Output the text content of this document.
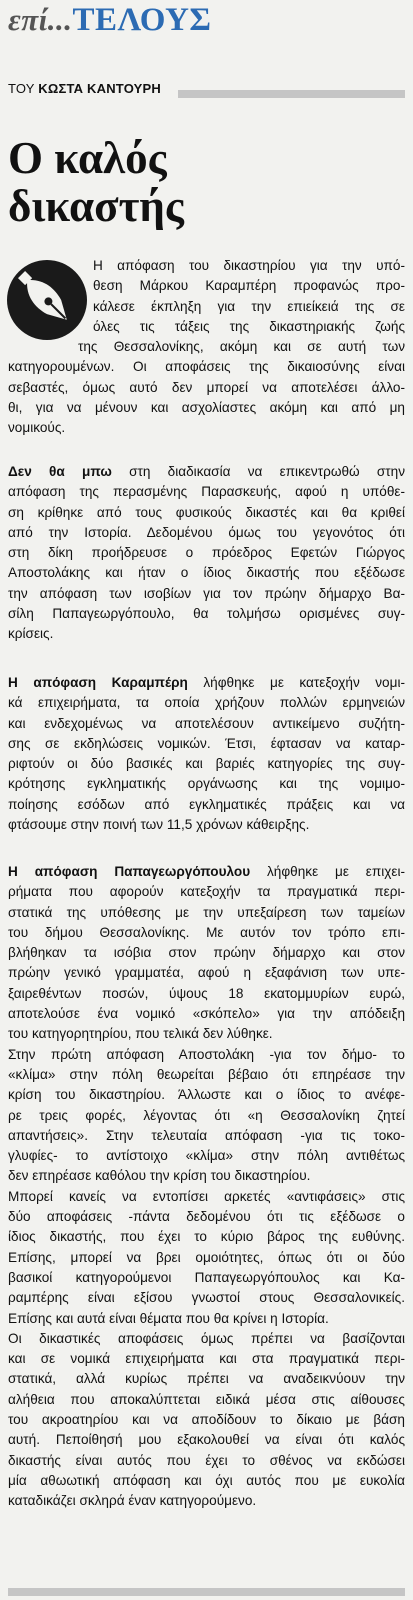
επί...ΤΕΛΟΥΣ
ΤΟΥ ΚΩΣΤΑ ΚΑΝΤΟΥΡΗ
Ο καλός
δικαστής
Η απόφαση του δικαστηρίου για την υπό-
θεση Μάρκου Καραμπέρη προφανώς προ-
κάλεσε έκπληξη για την επιείκειά της σε
όλες τις τάξεις της δικαστηριακής ζωής
της Θεσσαλονίκης, ακόμη και σε αυτή των
κατηγορουμένων. Οι αποφάσεις της δικαιοσύνης είναι
σεβαστές, όμως αυτό δεν μπορεί να αποτελέσει άλλο-
θι, για να μένουν και ασχολίαστες ακόμη και από μη
νομικούς.
Δεν θα μπω στη διαδικασία να επικεντρωθώ στην
απόφαση της περασμένης Παρασκευής, αφού η υπόθε-
ση κρίθηκε από τους φυσικούς δικαστές και θα κριθεί
από την Ιστορία. Δεδομένου όμως του γεγονότος ότι
στη δίκη προήδρευσε ο πρόεδρος Εφετών Γιώργος
Αποστολάκης και ήταν ο ίδιος δικαστής που εξέδωσε
την απόφαση των ισοβίων για τον πρώην δήμαρχο Βα-
σίλη Παπαγεωργόπουλο, θα τολμήσω ορισμένες συγ-
κρίσεις.
Η απόφαση Καραμπέρη λήφθηκε με κατεξοχήν νομι-
κά επιχειρήματα, τα οποία χρήζουν πολλών ερμηνειών
και ενδεχομένως να αποτελέσουν αντικείμενο συζήτη-
σης σε εκδηλώσεις νομικών. Έτσι, έφτασαν να καταρ-
ριφτούν οι δύο βασικές και βαριές κατηγορίες της συγ-
κρότησης εγκληματικής οργάνωσης και της νομιμο-
ποίησης εσόδων από εγκληματικές πράξεις και να
φτάσουμε στην ποινή των 11,5 χρόνων κάθειρξης.
Η απόφαση Παπαγεωργόπουλου λήφθηκε με επιχει-
ρήματα που αφορούν κατεξοχήν τα πραγματικά περι-
στατικά της υπόθεσης με την υπεξαίρεση των ταμείων
του δήμου Θεσσαλονίκης. Με αυτόν τον τρόπο επι-
βλήθηκαν τα ισόβια στον πρώην δήμαρχο και στον
πρώην γενικό γραμματέα, αφού η εξαφάνιση των υπε-
ξαιρεθέντων ποσών, ύψους 18 εκατομμυρίων ευρώ,
αποτελούσε ένα νομικό «σκόπελο» για την απόδειξη
του κατηγορητηρίου, που τελικά δεν λύθηκε.
Στην πρώτη απόφαση Αποστολάκη -για τον δήμο- το
«κλίμα» στην πόλη θεωρείται βέβαιο ότι επηρέασε την
κρίση του δικαστηρίου. Άλλωστε και ο ίδιος το ανέφε-
ρε τρεις φορές, λέγοντας ότι «η Θεσσαλονίκη ζητεί
απαντήσεις». Στην τελευταία απόφαση -για τις τοκο-
γλυφίες- το αντίστοιχο «κλίμα» στην πόλη αντιθέτως
δεν επηρέασε καθόλου την κρίση του δικαστηρίου.
Μπορεί κανείς να εντοπίσει αρκετές «αντιφάσεις» στις
δύο αποφάσεις -πάντα δεδομένου ότι τις εξέδωσε ο
ίδιος δικαστής, που έχει το κύριο βάρος της ευθύνης.
Επίσης, μπορεί να βρει ομοιότητες, όπως ότι οι δύο
βασικοί κατηγορούμενοι Παπαγεωργόπουλος και Κα-
ραμπέρης είναι εξίσου γνωστοί στους Θεσσαλονικείς.
Επίσης και αυτά είναι θέματα που θα κρίνει η Ιστορία.
Οι δικαστικές αποφάσεις όμως πρέπει να βασίζονται
και σε νομικά επιχειρήματα και στα πραγματικά περι-
στατικά, αλλά κυρίως πρέπει να αναδεικνύουν την
αλήθεια που αποκαλύπτεται ειδικά μέσα στις αίθουσες
του ακροατηρίου και να αποδίδουν το δίκαιο με βάση
αυτή. Πεποίθησή μου εξακολουθεί να είναι ότι καλός
δικαστής είναι αυτός που έχει το σθένος να εκδώσει
μία αθωωτική απόφαση και όχι αυτός που με ευκολία
καταδικάζει σκληρά έναν κατηγορούμενο.
